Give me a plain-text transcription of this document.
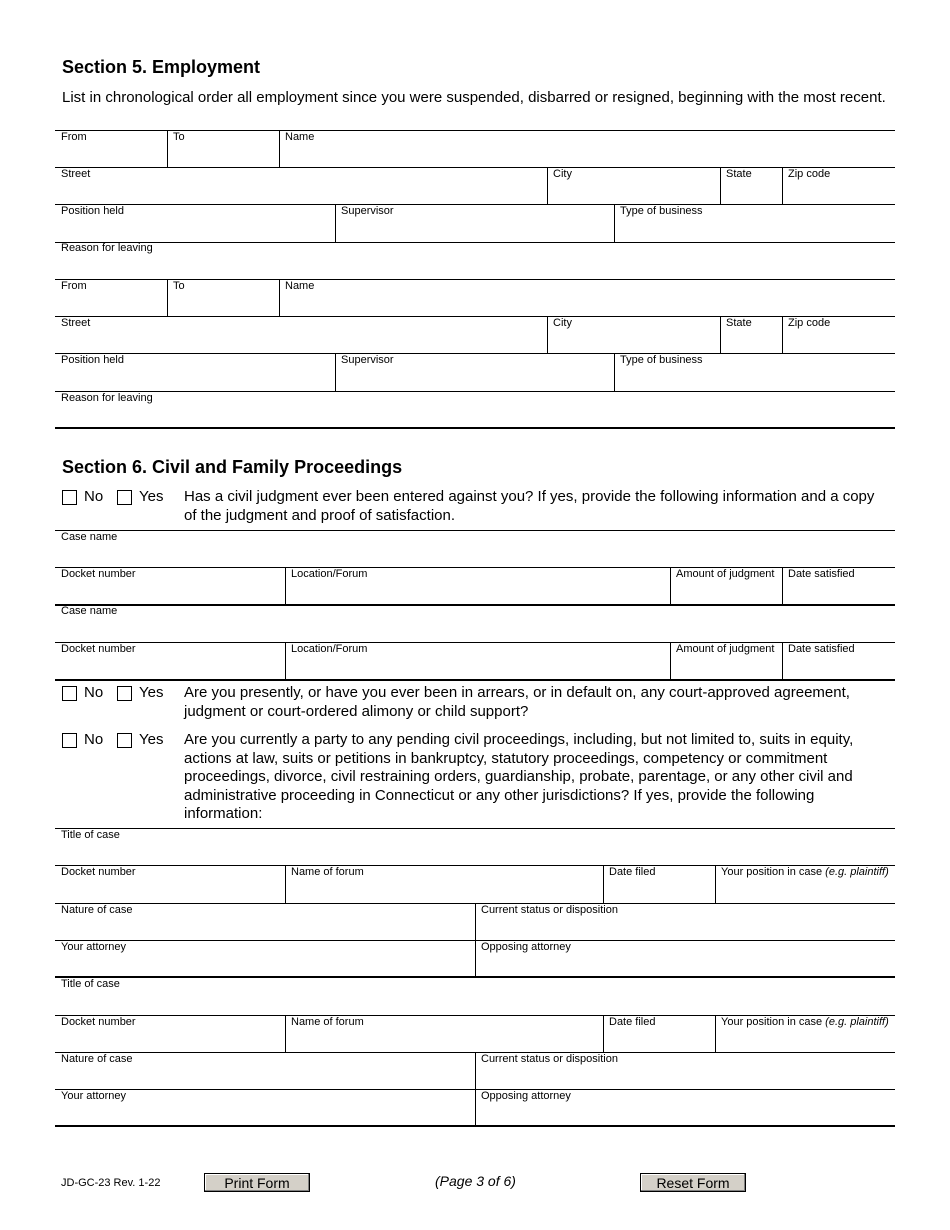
Section 5. Employment
List in chronological order all employment since you were suspended, disbarred or resigned, beginning with the most recent.
From	To	Name
Street	City	State	Zip code
Position held	Supervisor	Type of business
Reason for leaving
From	To	Name
Street	City	State	Zip code
Position held	Supervisor	Type of business
Reason for leaving
Section 6. Civil and Family Proceedings
No Yes Has a civil judgment ever been entered against you? If yes, provide the following information and a copy of the judgment and proof of satisfaction.
Case name
Docket number	Location/Forum	Amount of judgment Date satisfied
Case name
Docket number	Location/Forum	Amount of judgment Date satisfied
No Yes Are you presently, or have you ever been in arrears, or in default on, any court-approved agreement, judgment or court-ordered alimony or child support?
No Yes Are you currently a party to any pending civil proceedings, including, but not limited to, suits in equity, actions at law, suits or petitions in bankruptcy, statutory proceedings, competency or commitment proceedings, divorce, civil restraining orders, guardianship, probate, parentage, or any other civil and administrative proceeding in Connecticut or any other jurisdictions? If yes, provide the following information:
Title of case
Docket number	Name of forum	Date filed	Your position in case (e.g. plaintiff)
Nature of case	Current status or disposition
Your attorney	Opposing attorney
Title of case
Docket number	Name of forum	Date filed	Your position in case (e.g. plaintiff)
Nature of case	Current status or disposition
Your attorney	Opposing attorney
JD-GC-23 Rev. 1-22	Print Form	(Page 3 of 6)	Reset Form
